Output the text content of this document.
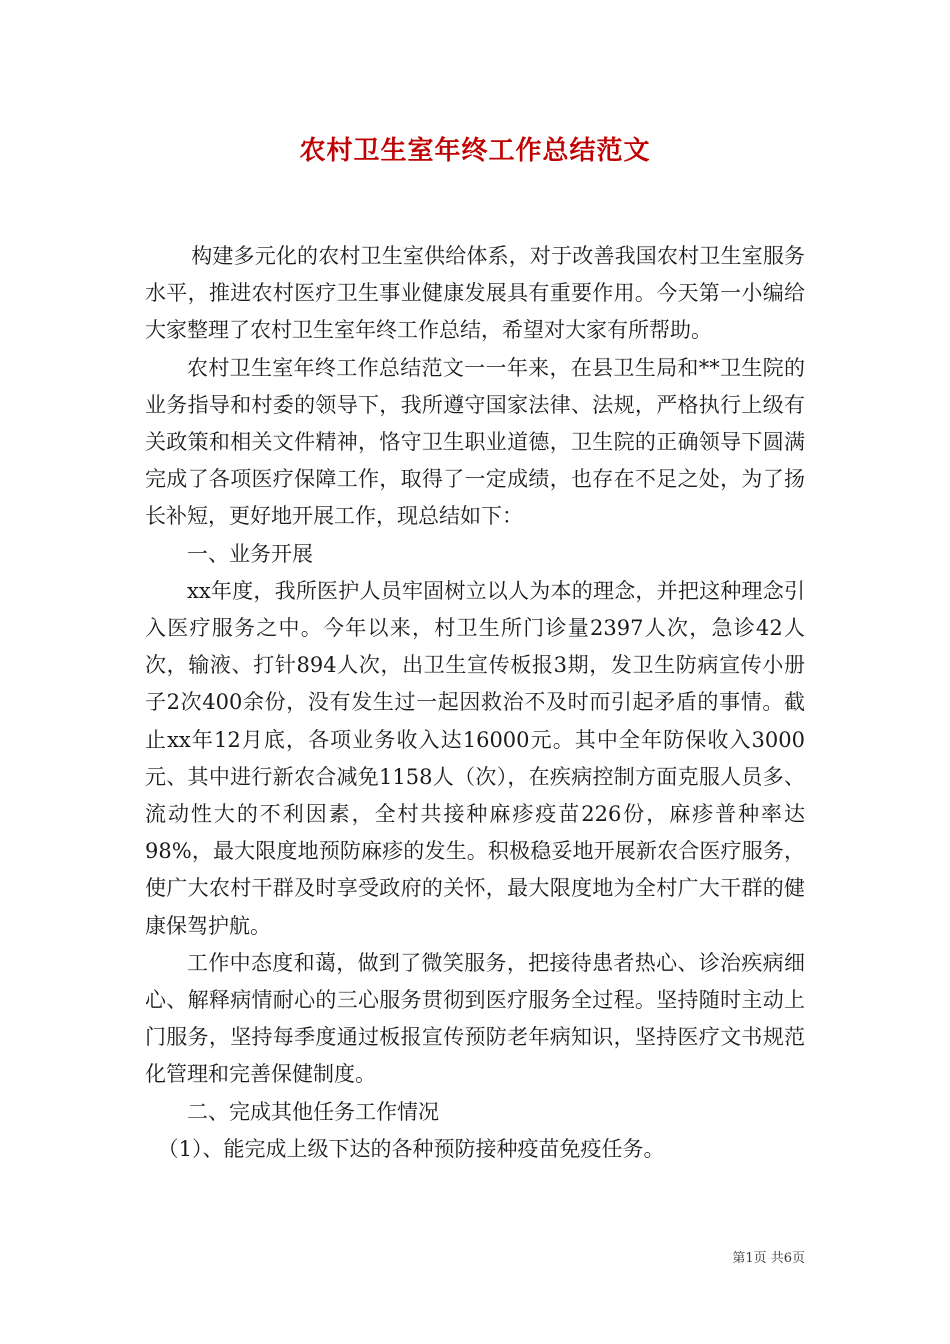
农村卫生室年终工作总结范文

构建多元化的农村卫生室供给体系，对于改善我国农村卫生室服务水平，推进农村医疗卫生事业健康发展具有重要作用。今天第一小编给大家整理了农村卫生室年终工作总结，希望对大家有所帮助。

农村卫生室年终工作总结范文一一年来，在县卫生局和**卫生院的业务指导和村委的领导下，我所遵守国家法律、法规，严格执行上级有关政策和相关文件精神，恪守卫生职业道德，卫生院的正确领导下圆满完成了各项医疗保障工作，取得了一定成绩，也存在不足之处，为了扬长补短，更好地开展工作，现总结如下：

一、业务开展

xx年度，我所医护人员牢固树立以人为本的理念，并把这种理念引入医疗服务之中。今年以来，村卫生所门诊量2397人次，急诊42人次，输液、打针894人次，出卫生宣传板报3期，发卫生防病宣传小册子2次400余份，没有发生过一起因救治不及时而引起矛盾的事情。截止xx年12月底，各项业务收入达16000元。其中全年防保收入3000元、其中进行新农合减免1158人（次），在疾病控制方面克服人员多、流动性大的不利因素，全村共接种麻疹疫苗226份，麻疹普种率达98%，最大限度地预防麻疹的发生。积极稳妥地开展新农合医疗服务，使广大农村干群及时享受政府的关怀，最大限度地为全村广大干群的健康保驾护航。

工作中态度和蔼，做到了微笑服务，把接待患者热心、诊治疾病细心、解释病情耐心的三心服务贯彻到医疗服务全过程。坚持随时主动上门服务，坚持每季度通过板报宣传预防老年病知识，坚持医疗文书规范化管理和完善保健制度。

二、完成其他任务工作情况

（1）、能完成上级下达的各种预防接种疫苗免疫任务。

第1页 共6页
